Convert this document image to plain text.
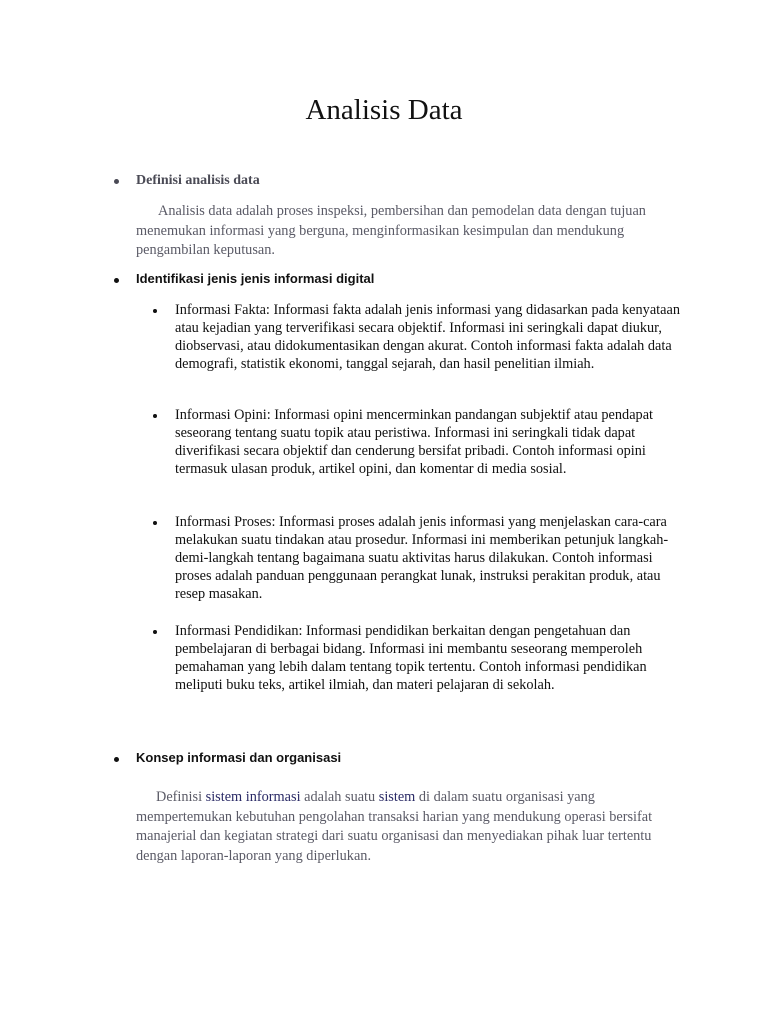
Analisis Data
Definisi analisis data
Analisis data adalah proses inspeksi, pembersihan dan pemodelan data dengan tujuan menemukan informasi yang berguna, menginformasikan kesimpulan dan mendukung pengambilan keputusan.
Identifikasi jenis jenis informasi digital
Informasi Fakta: Informasi fakta adalah jenis informasi yang didasarkan pada kenyataan atau kejadian yang terverifikasi secara objektif. Informasi ini seringkali dapat diukur, diobservasi, atau didokumentasikan dengan akurat. Contoh informasi fakta adalah data demografi, statistik ekonomi, tanggal sejarah, dan hasil penelitian ilmiah.
Informasi Opini: Informasi opini mencerminkan pandangan subjektif atau pendapat seseorang tentang suatu topik atau peristiwa. Informasi ini seringkali tidak dapat diverifikasi secara objektif dan cenderung bersifat pribadi. Contoh informasi opini termasuk ulasan produk, artikel opini, dan komentar di media sosial.
Informasi Proses: Informasi proses adalah jenis informasi yang menjelaskan cara-cara melakukan suatu tindakan atau prosedur. Informasi ini memberikan petunjuk langkah-demi-langkah tentang bagaimana suatu aktivitas harus dilakukan. Contoh informasi proses adalah panduan penggunaan perangkat lunak, instruksi perakitan produk, atau resep masakan.
Informasi Pendidikan: Informasi pendidikan berkaitan dengan pengetahuan dan pembelajaran di berbagai bidang. Informasi ini membantu seseorang memperoleh pemahaman yang lebih dalam tentang topik tertentu. Contoh informasi pendidikan meliputi buku teks, artikel ilmiah, dan materi pelajaran di sekolah.
Konsep informasi dan organisasi
Definisi sistem informasi adalah suatu sistem di dalam suatu organisasi yang mempertemukan kebutuhan pengolahan transaksi harian yang mendukung operasi bersifat manajerial dan kegiatan strategi dari suatu organisasi dan menyediakan pihak luar tertentu dengan laporan-laporan yang diperlukan.
